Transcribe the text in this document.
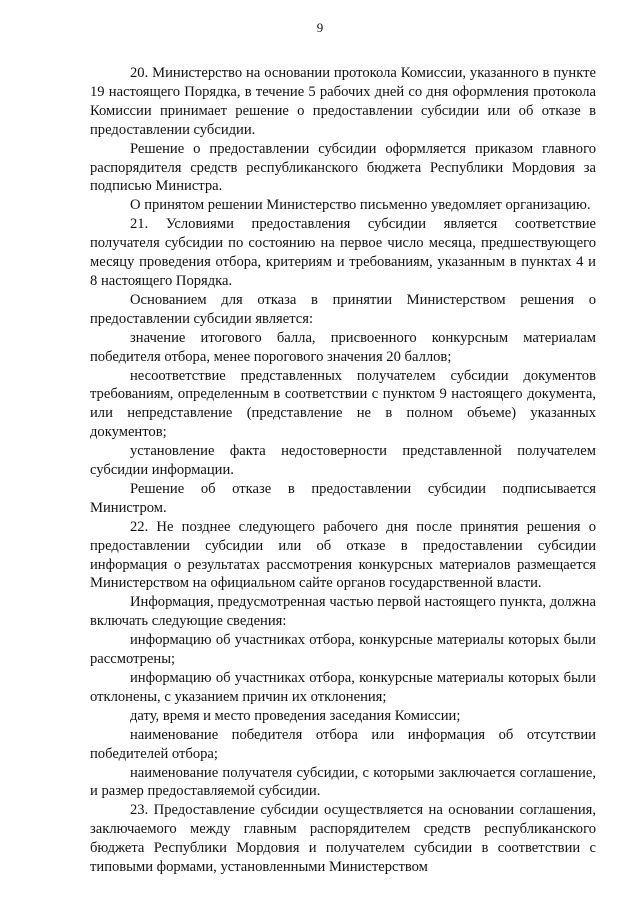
9

20. Министерство на основании протокола Комиссии, указанного в пункте 19 настоящего Порядка, в течение 5 рабочих дней со дня оформления протокола Комиссии принимает решение о предоставлении субсидии или об отказе в предоставлении субсидии.

Решение о предоставлении субсидии оформляется приказом главного распорядителя средств республиканского бюджета Республики Мордовия за подписью Министра.

О принятом решении Министерство письменно уведомляет организацию.

21. Условиями предоставления субсидии является соответствие получателя субсидии по состоянию на первое число месяца, предшествующего месяцу проведения отбора, критериям и требованиям, указанным в пунктах 4 и 8 настоящего Порядка.

Основанием для отказа в принятии Министерством решения о предоставлении субсидии является:

значение итогового балла, присвоенного конкурсным материалам победителя отбора, менее порогового значения 20 баллов;

несоответствие представленных получателем субсидии документов требованиям, определенным в соответствии с пунктом 9 настоящего документа, или непредставление (представление не в полном объеме) указанных документов;

установление факта недостоверности представленной получателем субсидии информации.

Решение об отказе в предоставлении субсидии подписывается Министром.

22. Не позднее следующего рабочего дня после принятия решения о предоставлении субсидии или об отказе в предоставлении субсидии информация о результатах рассмотрения конкурсных материалов размещается Министерством на официальном сайте органов государственной власти.

Информация, предусмотренная частью первой настоящего пункта, должна включать следующие сведения:

информацию об участниках отбора, конкурсные материалы которых были рассмотрены;

информацию об участниках отбора, конкурсные материалы которых были отклонены, с указанием причин их отклонения;

дату, время и место проведения заседания Комиссии;

наименование победителя отбора или информация об отсутствии победителей отбора;

наименование получателя субсидии, с которыми заключается соглашение, и размер предоставляемой субсидии.

23. Предоставление субсидии осуществляется на основании соглашения, заключаемого между главным распорядителем средств республиканского бюджета Республики Мордовия и получателем субсидии в соответствии с типовыми формами, установленными Министерством
